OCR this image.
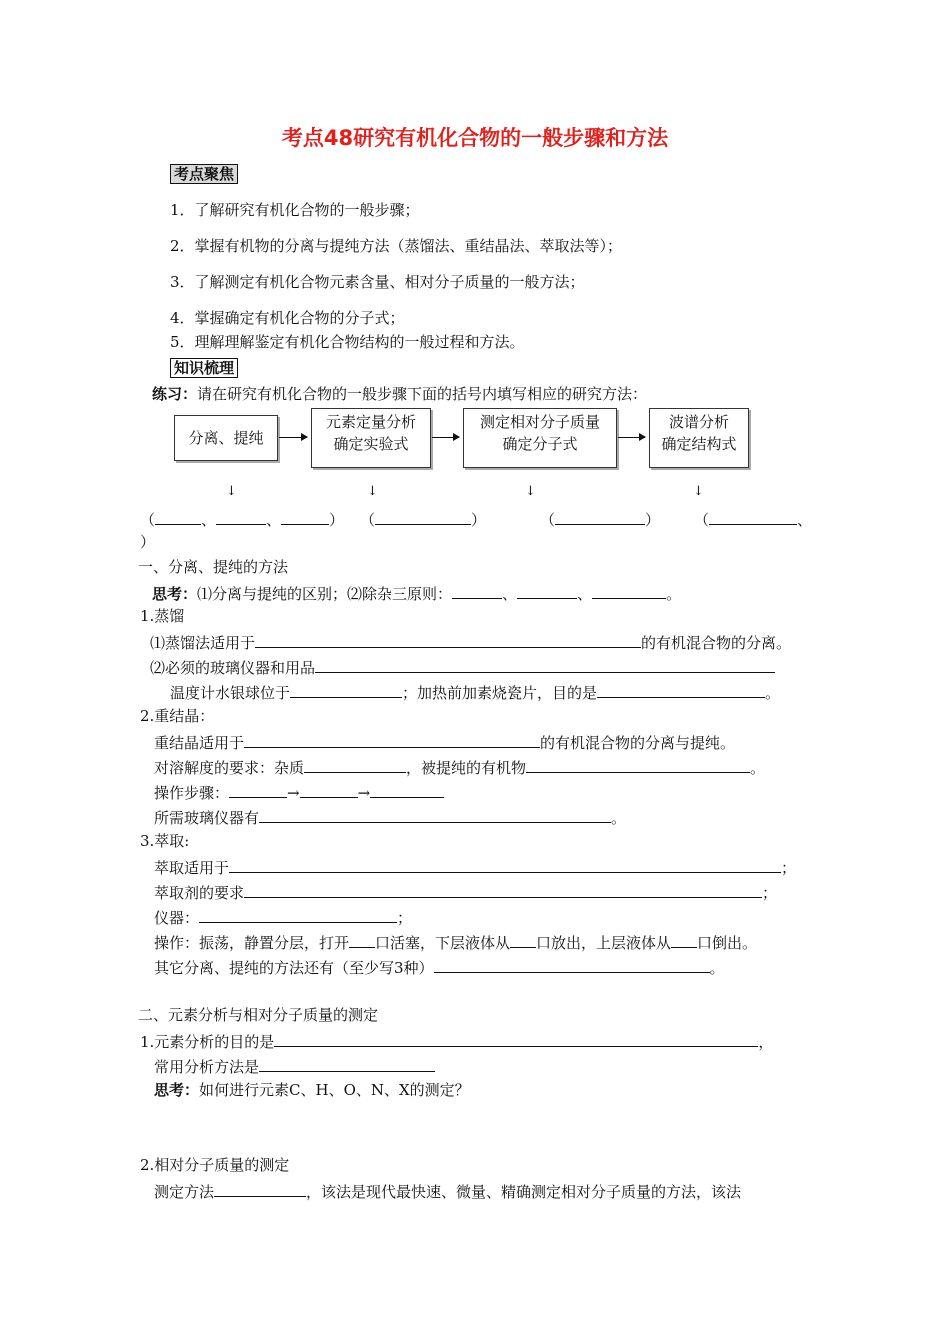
考点48研究有机化合物的一般步骤和方法
考点聚焦
1．了解研究有机化合物的一般步骤；
2．掌握有机物的分离与提纯方法（蒸馏法、重结晶法、萃取法等）；
3．了解测定有机化合物元素含量、相对分子质量的一般方法；
4．掌握确定有机化合物的分子式；
5．理解理解鉴定有机化合物结构的一般过程和方法。
知识梳理
练习：请在研究有机化合物的一般步骤下面的括号内填写相应的研究方法：
分离、提纯
元素定量分析
确定实验式
测定相对分子质量
确定分子式
波谱分析
确定结构式
↓	↓	↓	↓
（	、	、	） （	）	（	） （	、
）
一、分离、提纯的方法
思考：⑴分离与提纯的区别；⑵除杂三原则：	、	、	。
1.蒸馏
⑴蒸馏法适用于	的有机混合物的分离。
⑵必须的玻璃仪器和用品
温度计水银球位于	；加热前加素烧瓷片，目的是	。
2.重结晶：
重结晶适用于	的有机混合物的分离与提纯。
对溶解度的要求：杂质	，被提纯的有机物	。
操作步骤：	→	→
所需玻璃仪器有	。
3.萃取:
萃取适用于	；
萃取剂的要求	；
仪器：	；
操作：振荡，静置分层，打开 口活塞，下层液体从 口放出，上层液体从 口倒出。
其它分离、提纯的方法还有（至少写3种）	。
二、元素分析与相对分子质量的测定
1.元素分析的目的是	，
常用分析方法是
思考：如何进行元素C、H、O、N、X的测定？
2.相对分子质量的测定
测定方法	，该法是现代最快速、微量、精确测定相对分子质量的方法，该法
